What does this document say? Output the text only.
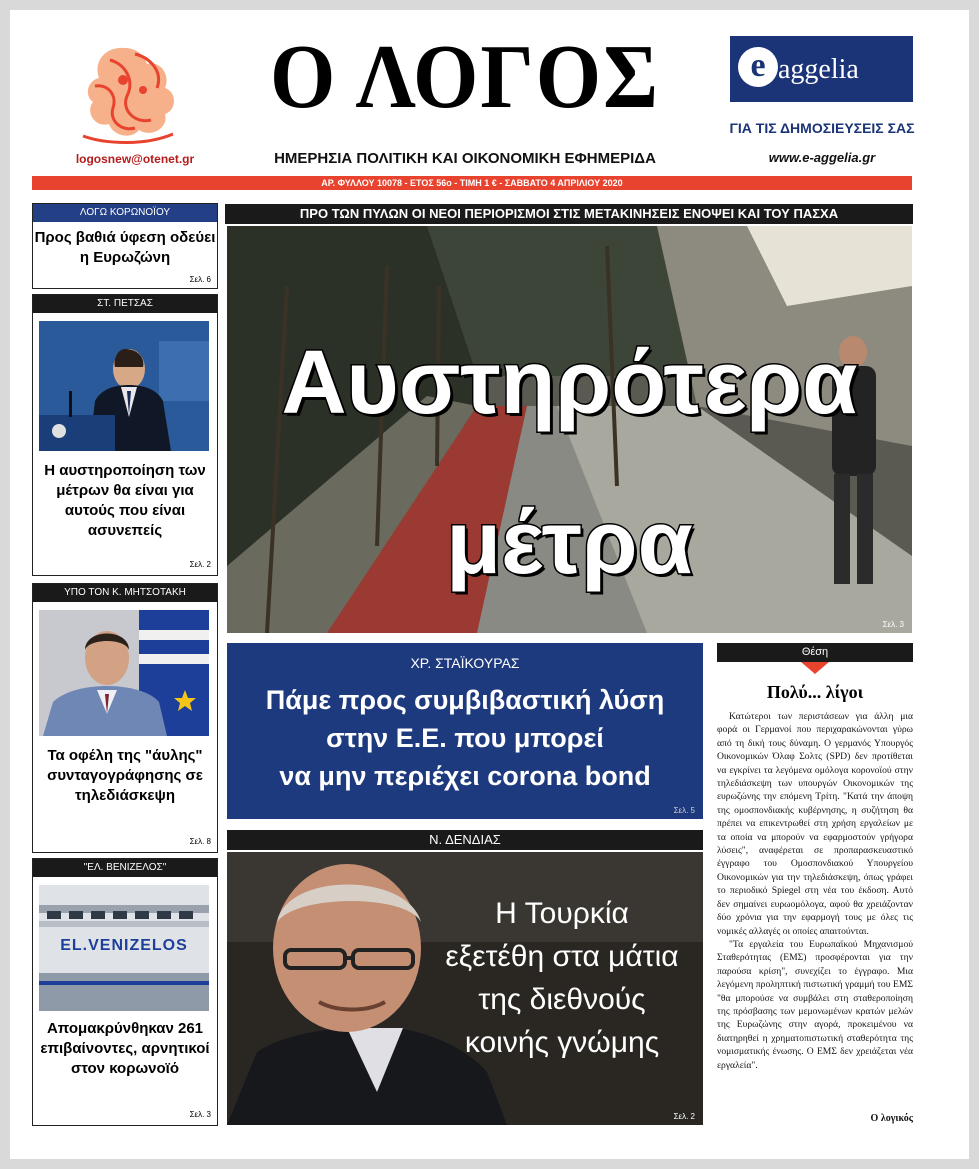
logosnew@otenet.gr
Ο ΛΟΓΟΣ
ΗΜΕΡΗΣΙΑ ΠΟΛΙΤΙΚΗ ΚΑΙ ΟΙΚΟΝΟΜΙΚΗ ΕΦΗΜΕΡΙΔΑ
e aggelia
ΓΙΑ ΤΙΣ ΔΗΜΟΣΙΕΥΣΕΙΣ ΣΑΣ
www.e-aggelia.gr
ΑΡ. ΦΥΛΛΟΥ 10078 - ΕΤΟΣ 56ο - ΤΙΜΗ 1 € - ΣΑΒΒΑΤΟ 4 ΑΠΡΙΛΙΟΥ 2020
ΛΟΓΩ ΚΟΡΩΝΟΪΟΥ
Προς βαθιά ύφεση οδεύει η Ευρωζώνη
Σελ. 6
ΣΤ. ΠΕΤΣΑΣ
Η αυστηροποίηση των μέτρων θα είναι για αυτούς που είναι ασυνεπείς
Σελ. 2
ΥΠΟ ΤΟΝ Κ. ΜΗΤΣΟΤΑΚΗ
Τα οφέλη της "άυλης" συνταγογράφησης σε τηλεδιάσκεψη
Σελ. 8
"ΕΛ. ΒΕΝΙΖΕΛΟΣ"
EL.VENIZELOS
Απομακρύνθηκαν 261 επιβαίνοντες, αρνητικοί στον κορωνοϊό
Σελ. 3
ΠΡΟ ΤΩΝ ΠΥΛΩΝ ΟΙ ΝΕΟΙ ΠΕΡΙΟΡΙΣΜΟΙ ΣΤΙΣ ΜΕΤΑΚΙΝΗΣΕΙΣ ΕΝΟΨΕΙ ΚΑΙ ΤΟΥ ΠΑΣΧΑ
Αυστηρότερα
μέτρα
Σελ. 3
ΧΡ. ΣΤΑΪΚΟΥΡΑΣ
Πάμε προς συμβιβαστική λύση
στην Ε.Ε. που μπορεί
να μην περιέχει corona bond
Σελ. 5
Ν. ΔΕΝΔΙΑΣ
Η Τουρκία
εξετέθη στα μάτια
της διεθνούς
κοινής γνώμης
Σελ. 2
Θέση
Πολύ... λίγοι

Κατώτεροι των περιστάσεων για άλλη μια φορά οι Γερμανοί που περιχαρακώνονται γύρω από τη δική τους δύναμη. Ο γερμανός Υπουργός Οικονομικών Όλαφ Σολτς (SPD) δεν προτίθεται να εγκρίνει τα λεγόμενα ομόλογα κορονοϊού στην τηλεδιάσκεψη των υπουργών Οικονομικών της ευρωζώνης την επόμενη Τρίτη. "Κατά την άποψη της ομοσπονδιακής κυβέρνησης, η συζήτηση θα πρέπει να επικεντρωθεί στη χρήση εργαλείων με τα οποία να μπορούν να εφαρμοστούν γρήγορα λύσεις", αναφέρεται σε προπαρασκευαστικό έγγραφο του Ομοσπονδιακού Υπουργείου Οικονομικών για την τηλεδιάσκεψη, όπως γράφει το περιοδικό Spiegel στη νέα του έκδοση. Αυτό δεν σημαίνει ευρωομόλογα, αφού θα χρειάζονταν δύο χρόνια για την εφαρμογή τους με όλες τις νομικές αλλαγές οι οποίες απαιτούνται.

"Τα εργαλεία του Ευρωπαϊκού Μηχανισμού Σταθερότητας (ΕΜΣ) προσφέρονται για την παρούσα κρίση", συνεχίζει το έγγραφο. Μια λεγόμενη προληπτική πιστωτική γραμμή του ΕΜΣ "θα μπορούσε να συμβάλει στη σταθεροποίηση της πρόσβασης των μεμονωμένων κρατών μελών της Ευρωζώνης στην αγορά, προκειμένου να διατηρηθεί η χρηματοπιστωτική σταθερότητα της νομισματικής ένωσης. Ο ΕΜΣ δεν χρειάζεται νέα εργαλεία".

Ο λογικός
